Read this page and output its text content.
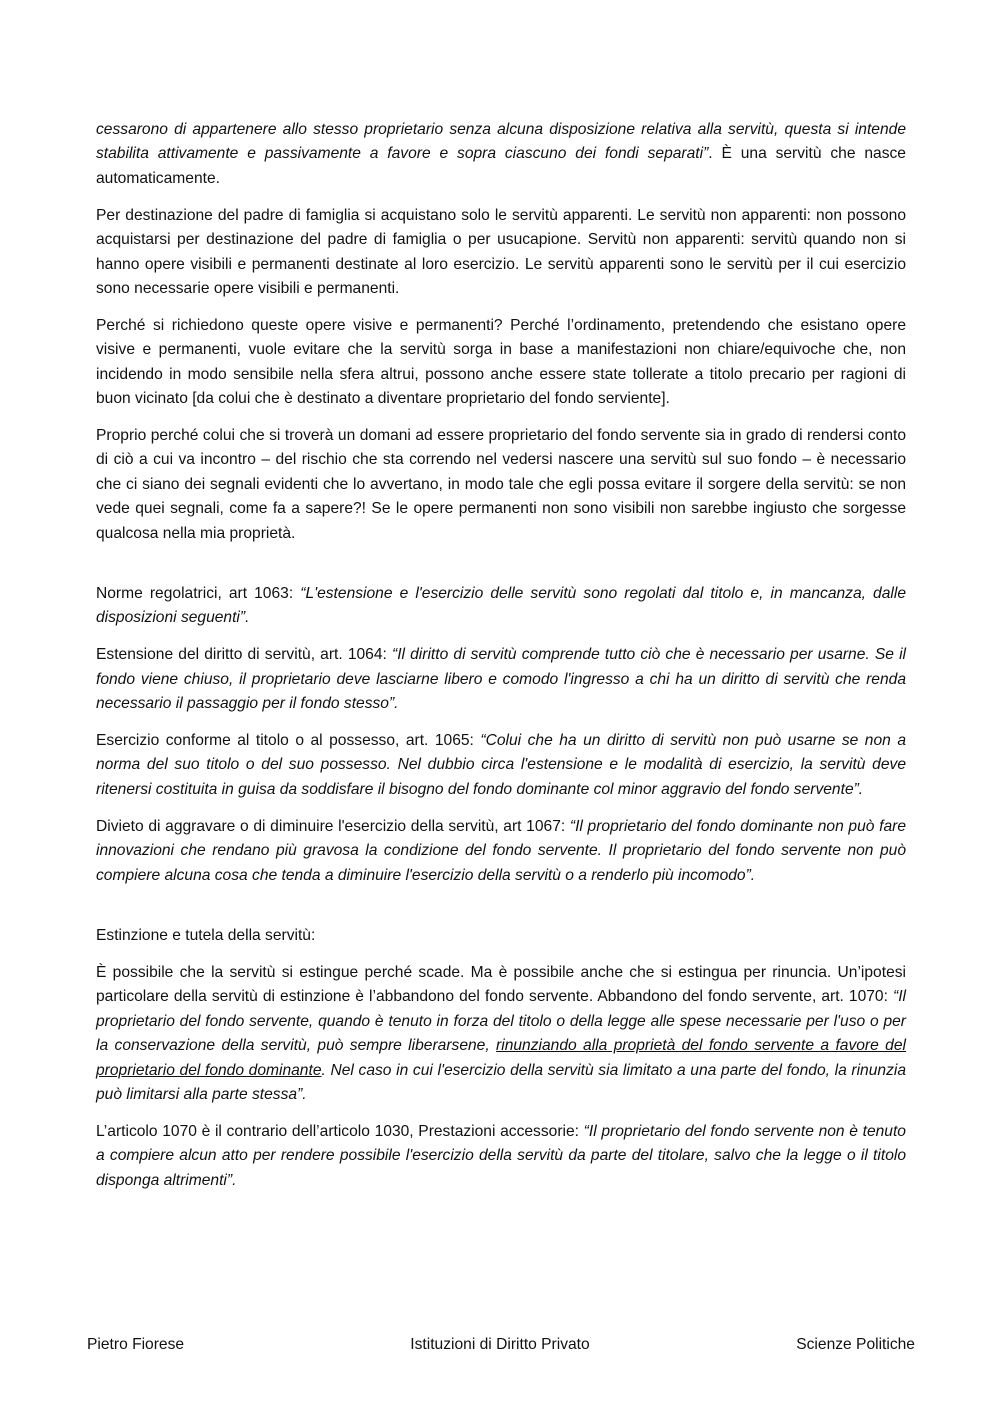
cessarono di appartenere allo stesso proprietario senza alcuna disposizione relativa alla servitù, questa si intende stabilita attivamente e passivamente a favore e sopra ciascuno dei fondi separati”. È una servitù che nasce automaticamente.

Per destinazione del padre di famiglia si acquistano solo le servitù apparenti. Le servitù non apparenti: non possono acquistarsi per destinazione del padre di famiglia o per usucapione. Servitù non apparenti: servitù quando non si hanno opere visibili e permanenti destinate al loro esercizio. Le servitù apparenti sono le servitù per il cui esercizio sono necessarie opere visibili e permanenti.

Perché si richiedono queste opere visive e permanenti? Perché l’ordinamento, pretendendo che esistano opere visive e permanenti, vuole evitare che la servitù sorga in base a manifestazioni non chiare/equivoche che, non incidendo in modo sensibile nella sfera altrui, possono anche essere state tollerate a titolo precario per ragioni di buon vicinato [da colui che è destinato a diventare proprietario del fondo serviente].

Proprio perché colui che si troverà un domani ad essere proprietario del fondo servente sia in grado di rendersi conto di ciò a cui va incontro – del rischio che sta correndo nel vedersi nascere una servitù sul suo fondo – è necessario che ci siano dei segnali evidenti che lo avvertano, in modo tale che egli possa evitare il sorgere della servitù: se non vede quei segnali, come fa a sapere?! Se le opere permanenti non sono visibili non sarebbe ingiusto che sorgesse qualcosa nella mia proprietà.

Norme regolatrici, art 1063: “L'estensione e l'esercizio delle servitù sono regolati dal titolo e, in mancanza, dalle disposizioni seguenti”.

Estensione del diritto di servitù, art. 1064: “Il diritto di servitù comprende tutto ciò che è necessario per usarne. Se il fondo viene chiuso, il proprietario deve lasciarne libero e comodo l'ingresso a chi ha un diritto di servitù che renda necessario il passaggio per il fondo stesso”.

Esercizio conforme al titolo o al possesso, art. 1065: “Colui che ha un diritto di servitù non può usarne se non a norma del suo titolo o del suo possesso. Nel dubbio circa l'estensione e le modalità di esercizio, la servitù deve ritenersi costituita in guisa da soddisfare il bisogno del fondo dominante col minor aggravio del fondo servente”.

Divieto di aggravare o di diminuire l'esercizio della servitù, art 1067: “Il proprietario del fondo dominante non può fare innovazioni che rendano più gravosa la condizione del fondo servente. Il proprietario del fondo servente non può compiere alcuna cosa che tenda a diminuire l'esercizio della servitù o a renderlo più incomodo”.

Estinzione e tutela della servitù:

È possibile che la servitù si estingue perché scade. Ma è possibile anche che si estingua per rinuncia. Un’ipotesi particolare della servitù di estinzione è l’abbandono del fondo servente. Abbandono del fondo servente, art. 1070: “Il proprietario del fondo servente, quando è tenuto in forza del titolo o della legge alle spese necessarie per l'uso o per la conservazione della servitù, può sempre liberarsene, rinunziando alla proprietà del fondo servente a favore del proprietario del fondo dominante. Nel caso in cui l'esercizio della servitù sia limitato a una parte del fondo, la rinunzia può limitarsi alla parte stessa”.

L’articolo 1070 è il contrario dell’articolo 1030, Prestazioni accessorie: “Il proprietario del fondo servente non è tenuto a compiere alcun atto per rendere possibile l'esercizio della servitù da parte del titolare, salvo che la legge o il titolo disponga altrimenti”.

Pietro Fiorese	Istituzioni di Diritto Privato	Scienze Politiche
